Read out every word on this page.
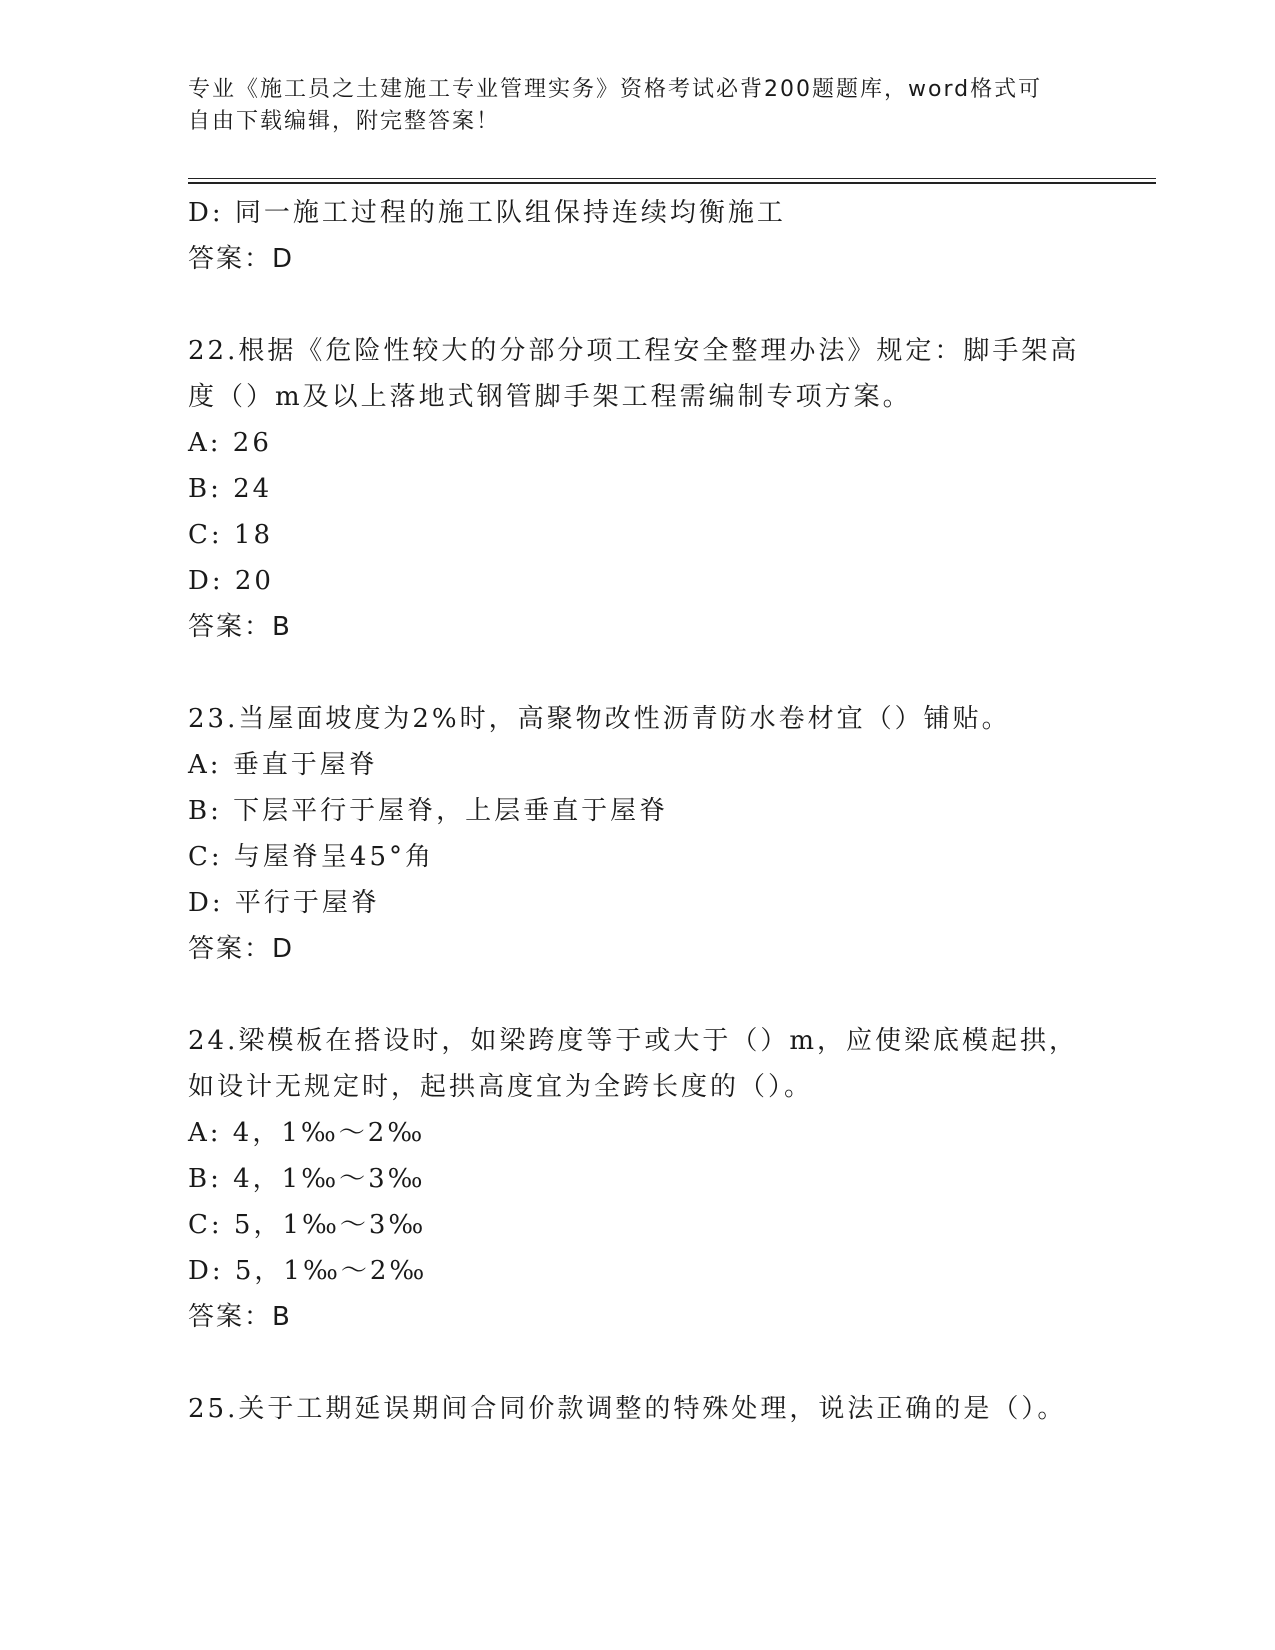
专业《施工员之土建施工专业管理实务》资格考试必背200题题库，word格式可
自由下载编辑，附完整答案！
D: 同一施工过程的施工队组保持连续均衡施工
答案：D
22.根据《危险性较大的分部分项工程安全整理办法》规定：脚手架高
度（）m及以上落地式钢管脚手架工程需编制专项方案。
A: 26
B: 24
C: 18
D: 20
答案：B
23.当屋面坡度为2%时，高聚物改性沥青防水卷材宜（）铺贴。
A: 垂直于屋脊
B: 下层平行于屋脊，上层垂直于屋脊
C: 与屋脊呈45°角
D: 平行于屋脊
答案：D
24.梁模板在搭设时，如梁跨度等于或大于（）m，应使梁底模起拱，
如设计无规定时，起拱高度宜为全跨长度的（）。
A: 4，1‰～2‰
B: 4，1‰～3‰
C: 5，1‰～3‰
D: 5，1‰～2‰
答案：B
25.关于工期延误期间合同价款调整的特殊处理，说法正确的是（）。
